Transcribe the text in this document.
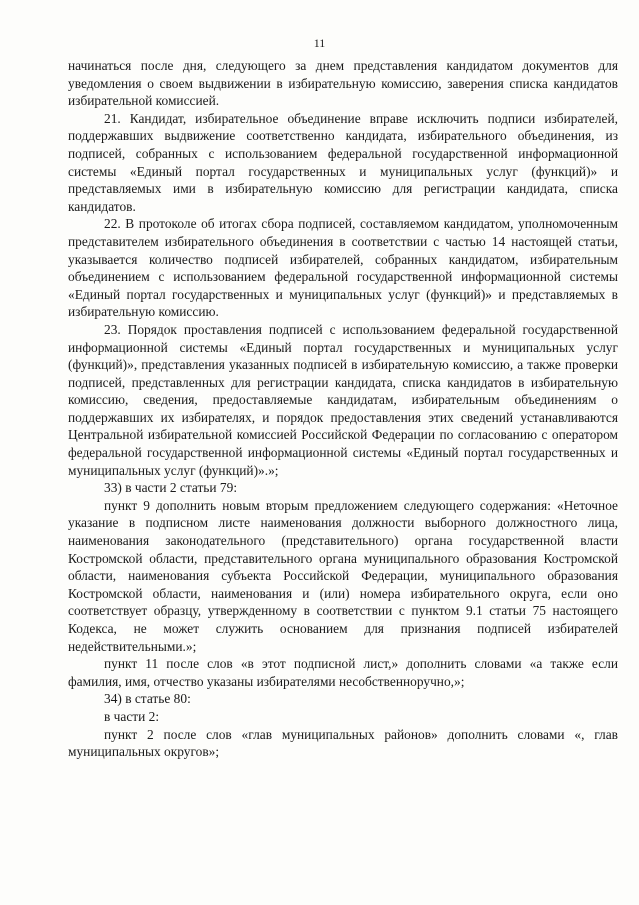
11

начинаться после дня, следующего за днем представления кандидатом документов для уведомления о своем выдвижении в избирательную комиссию, заверения списка кандидатов избирательной комиссией.

21. Кандидат, избирательное объединение вправе исключить подписи избирателей, поддержавших выдвижение соответственно кандидата, избирательного объединения, из подписей, собранных с использованием федеральной государственной информационной системы «Единый портал государственных и муниципальных услуг (функций)» и представляемых ими в избирательную комиссию для регистрации кандидата, списка кандидатов.

22. В протоколе об итогах сбора подписей, составляемом кандидатом, уполномоченным представителем избирательного объединения в соответствии с частью 14 настоящей статьи, указывается количество подписей избирателей, собранных кандидатом, избирательным объединением с использованием федеральной государственной информационной системы «Единый портал государственных и муниципальных услуг (функций)» и представляемых в избирательную комиссию.

23. Порядок проставления подписей с использованием федеральной государственной информационной системы «Единый портал государственных и муниципальных услуг (функций)», представления указанных подписей в избирательную комиссию, а также проверки подписей, представленных для регистрации кандидата, списка кандидатов в избирательную комиссию, сведения, предоставляемые кандидатам, избирательным объединениям о поддержавших их избирателях, и порядок предоставления этих сведений устанавливаются Центральной избирательной комиссией Российской Федерации по согласованию с оператором федеральной государственной информационной системы «Единый портал государственных и муниципальных услуг (функций)».»;

33) в части 2 статьи 79:

пункт 9 дополнить новым вторым предложением следующего содержания: «Неточное указание в подписном листе наименования должности выборного должностного лица, наименования законодательного (представительного) органа государственной власти Костромской области, представительного органа муниципального образования Костромской области, наименования субъекта Российской Федерации, муниципального образования Костромской области, наименования и (или) номера избирательного округа, если оно соответствует образцу, утвержденному в соответствии с пунктом 9.1 статьи 75 настоящего Кодекса, не может служить основанием для признания подписей избирателей недействительными.»;

пункт 11 после слов «в этот подписной лист,» дополнить словами «а также если фамилия, имя, отчество указаны избирателями несобственноручно,»;

34) в статье 80:

в части 2:

пункт 2 после слов «глав муниципальных районов» дополнить словами «, глав муниципальных округов»;
